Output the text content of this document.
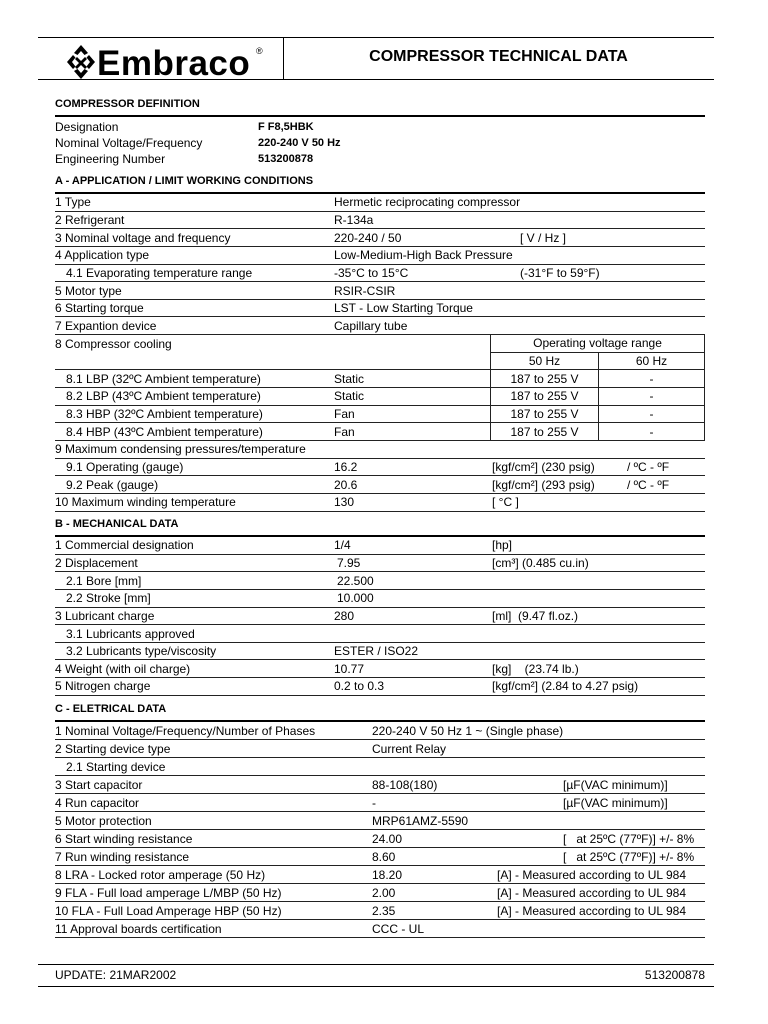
Embraco ®	COMPRESSOR TECHNICAL DATA
COMPRESSOR DEFINITION
Designation	F F8,5HBK
Nominal Voltage/Frequency	220-240 V 50 Hz
Engineering Number	513200878
A - APPLICATION / LIMIT WORKING CONDITIONS
1 Type	Hermetic reciprocating compressor
2 Refrigerant	R-134a
3 Nominal voltage and frequency	220-240 / 50	[ V / Hz ]
4 Application type	Low-Medium-High Back Pressure
4.1 Evaporating temperature range	-35°C to 15°C	(-31°F to 59°F)
5 Motor type	RSIR-CSIR
6 Starting torque	LST - Low Starting Torque
7 Expantion device	Capillary tube
8 Compressor cooling	Operating voltage range
50 Hz	60 Hz
8.1 LBP (32ºC Ambient temperature)	Static	187 to 255 V	-
8.2 LBP (43ºC Ambient temperature)	Static	187 to 255 V	-
8.3 HBP (32ºC Ambient temperature)	Fan	187 to 255 V	-
8.4 HBP (43ºC Ambient temperature)	Fan	187 to 255 V	-
9 Maximum condensing pressures/temperature
9.1 Operating (gauge)	16.2	[kgf/cm²] (230 psig)	/ ºC - ºF
9.2 Peak (gauge)	20.6	[kgf/cm²] (293 psig)	/ ºC - ºF
10 Maximum winding temperature	130	[ °C ]
B - MECHANICAL DATA
1 Commercial designation	1/4	[hp]
2 Displacement	7.95	[cm³] (0.485 cu.in)
2.1 Bore [mm]	22.500
2.2 Stroke [mm]	10.000
3 Lubricant charge	280	[ml]  (9.47 fl.oz.)
3.1 Lubricants approved
3.2 Lubricants type/viscosity	ESTER / ISO22
4 Weight (with oil charge)	10.77	[kg]    (23.74 lb.)
5 Nitrogen charge	0.2 to 0.3	[kgf/cm²] (2.84 to 4.27 psig)
C - ELETRICAL DATA
1 Nominal Voltage/Frequency/Number of Phases	220-240 V 50 Hz 1 ~ (Single phase)
2 Starting device type	Current Relay
2.1 Starting device
3 Start capacitor	88-108(180)	[µF(VAC minimum)]
4 Run capacitor	-	[µF(VAC minimum)]
5 Motor protection	MRP61AMZ-5590
6 Start winding resistance	24.00	[   at 25ºC (77ºF)] +/- 8%
7 Run winding resistance	8.60	[   at 25ºC (77ºF)] +/- 8%
8 LRA - Locked rotor amperage (50 Hz)	18.20	[A] - Measured according to UL 984
9 FLA - Full load amperage L/MBP (50 Hz)	2.00	[A] - Measured according to UL 984
10 FLA - Full Load Amperage HBP (50 Hz)	2.35	[A] - Measured according to UL 984
11 Approval boards certification	CCC - UL
UPDATE: 21MAR2002	513200878
